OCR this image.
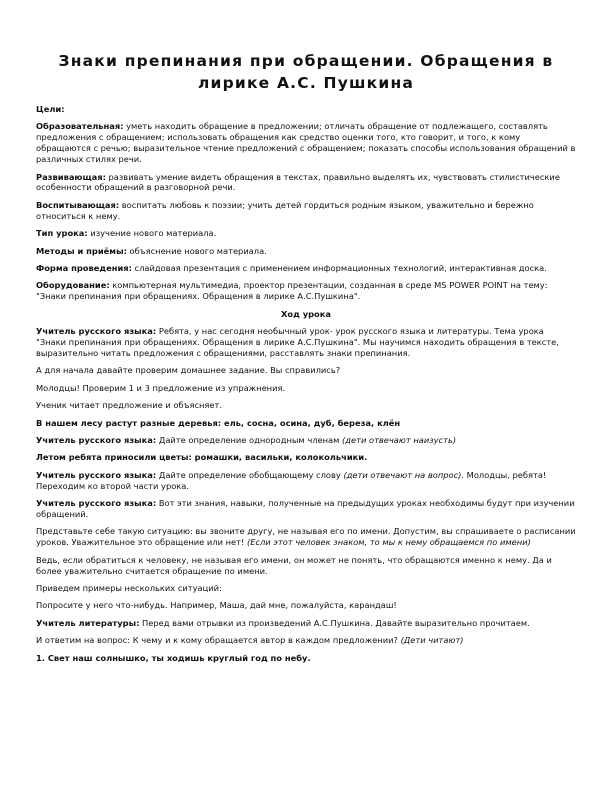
Знаки препинания при обращении. Обращения в лирике А.С. Пушкина

Цели:

Образовательная: уметь находить обращение в предложении; отличать обращение от подлежащего, составлять предложения с обращением; использовать обращения как средство оценки того, кто говорит, и того, к кому обращаются с речью; выразительное чтение предложений с обращением; показать способы использования обращений в различных стилях речи.

Развивающая: развивать умение видеть обращения в текстах, правильно выделять их, чувствовать стилистические особенности обращений в разговорной речи.

Воспитывающая: воспитать любовь к поэзии; учить детей гордиться родным языком, уважительно и бережно относиться к нему.

Тип урока: изучение нового материала.

Методы и приёмы: объяснение нового материала.

Форма проведения: слайдовая презентация с применением информационных технологий, интерактивная доска.

Оборудование: компьютерная мультимедиа, проектор презентации, созданная в среде MS POWER POINT на тему: "Знаки препинания при обращениях. Обращения в лирике А.С.Пушкина".

Ход урока

Учитель русского языка: Ребята, у нас сегодня необычный урок- урок русского языка и литературы. Тема урока "Знаки препинания при обращениях. Обращения в лирике А.С.Пушкина". Мы научимся находить обращения в тексте, выразительно читать предложения с обращениями, расставлять знаки препинания.

А для начала давайте проверим домашнее задание. Вы справились?

Молодцы! Проверим 1 и 3 предложение из упражнения.

Ученик читает предложение и объясняет.

В нашем лесу растут разные деревья: ель, сосна, осина, дуб, береза, клён

Учитель русского языка: Дайте определение однородным членам (дети отвечают наизусть)

Летом ребята приносили цветы: ромашки, васильки, колокольчики.

Учитель русского языка: Дайте определение обобщающему слову (дети отвечают на вопрос). Молодцы, ребята! Переходим ко второй части урока.

Учитель русского языка: Вот эти знания, навыки, полученные на предыдущих уроках необходимы будут при изучении обращений.

Представьте себе такую ситуацию: вы звоните другу, не называя его по имени. Допустим, вы спрашиваете о расписании уроков. Уважительное это обращение или нет! (Если этот человек знаком, то мы к нему обращаемся по имени)

Ведь, если обратиться к человеку, не называя его имени, он может не понять, что обращаются именно к нему. Да и более уважительно считается обращение по имени.

Приведем примеры нескольких ситуаций:

Попросите у него что-нибудь. Например, Маша, дай мне, пожалуйста, карандаш!

Учитель литературы: Перед вами отрывки из произведений А.С.Пушкина. Давайте выразительно прочитаем.

И ответим на вопрос: К чему и к кому обращается автор в каждом предложении? (Дети читают)

1. Свет наш солнышко, ты ходишь круглый год по небу.
